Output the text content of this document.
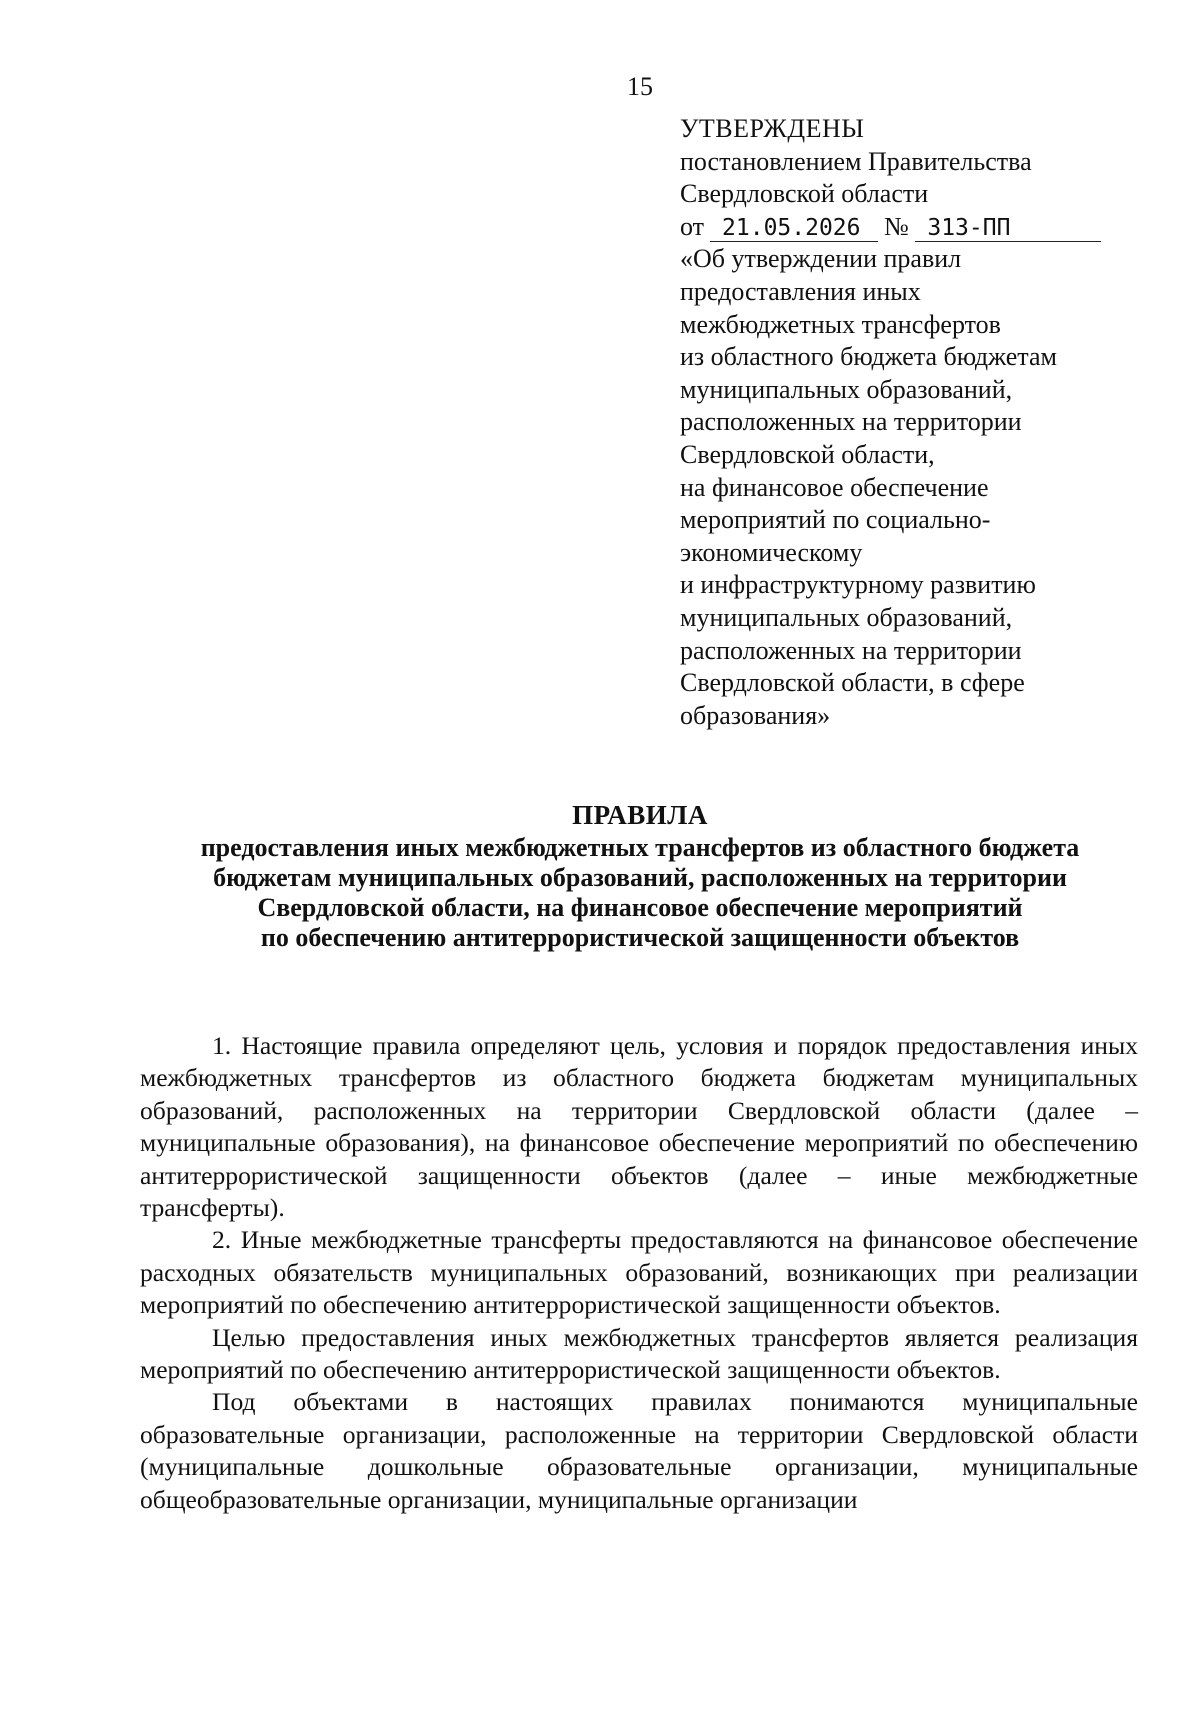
15
УТВЕРЖДЕНЫ
постановлением Правительства
Свердловской области
от 21.05.2026 № 313-ПП
«Об утверждении правил
предоставления иных
межбюджетных трансфертов
из областного бюджета бюджетам
муниципальных образований,
расположенных на территории
Свердловской области,
на финансовое обеспечение
мероприятий по социально-
экономическому
и инфраструктурному развитию
муниципальных образований,
расположенных на территории
Свердловской области, в сфере
образования»
ПРАВИЛА
предоставления иных межбюджетных трансфертов из областного бюджета
бюджетам муниципальных образований, расположенных на территории
Свердловской области, на финансовое обеспечение мероприятий
по обеспечению антитеррористической защищенности объектов

1. Настоящие правила определяют цель, условия и порядок предоставления иных межбюджетных трансфертов из областного бюджета бюджетам муниципальных образований, расположенных на территории Свердловской области (далее – муниципальные образования), на финансовое обеспечение мероприятий по обеспечению антитеррористической защищенности объектов (далее – иные межбюджетные трансферты).

2. Иные межбюджетные трансферты предоставляются на финансовое обеспечение расходных обязательств муниципальных образований, возникающих при реализации мероприятий по обеспечению антитеррористической защищенности объектов.

Целью предоставления иных межбюджетных трансфертов является реализация мероприятий по обеспечению антитеррористической защищенности объектов.

Под объектами в настоящих правилах понимаются муниципальные образовательные организации, расположенные на территории Свердловской области (муниципальные дошкольные образовательные организации, муниципальные общеобразовательные организации, муниципальные организации
